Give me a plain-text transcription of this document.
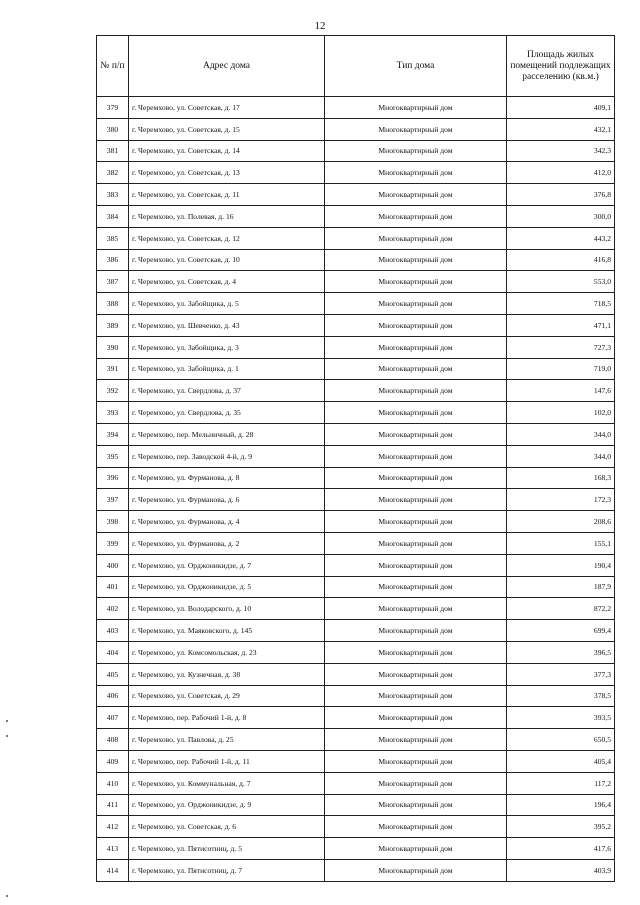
12
№ п/п	Адрес дома	Тип дома	Площадь жилых помещений подлежащих расселению (кв.м.)
379	г. Черемхово, ул. Советская, д. 17	Многоквартирный дом	409,1
380	г. Черемхово, ул. Советская, д. 15	Многоквартирный дом	432,1
381	г. Черемхово, ул. Советская, д. 14	Многоквартирный дом	342,3
382	г. Черемхово, ул. Советская, д. 13	Многоквартирный дом	412,0
383	г. Черемхово, ул. Советская, д. 11	Многоквартирный дом	376,8
384	г. Черемхово, ул. Полевая, д. 16	Многоквартирный дом	300,0
385	г. Черемхово, ул. Советская, д. 12	Многоквартирный дом	443,2
386	г. Черемхово, ул. Советская, д. 10	Многоквартирный дом	416,8
387	г. Черемхово, ул. Советская, д. 4	Многоквартирный дом	553,0
388	г. Черемхово, ул. Забойщика, д. 5	Многоквартирный дом	718,5
389	г. Черемхово, ул. Шевченко, д. 43	Многоквартирный дом	471,1
390	г. Черемхово, ул. Забойщика, д. 3	Многоквартирный дом	727,3
391	г. Черемхово, ул. Забойщика, д. 1	Многоквартирный дом	719,0
392	г. Черемхово, ул. Свердлова, д. 37	Многоквартирный дом	147,6
393	г. Черемхово, ул. Свердлова, д. 35	Многоквартирный дом	102,0
394	г. Черемхово, пер. Мельничный, д. 28	Многоквартирный дом	344,0
395	г. Черемхово, пер. Заводской 4-й, д. 9	Многоквартирный дом	344,0
396	г. Черемхово, ул. Фурманова, д. 8	Многоквартирный дом	168,3
397	г. Черемхово, ул. Фурманова, д. 6	Многоквартирный дом	172,3
398	г. Черемхово, ул. Фурманова, д. 4	Многоквартирный дом	208,6
399	г. Черемхово, ул. Фурманова, д. 2	Многоквартирный дом	155,1
400	г. Черемхово, ул. Орджоникидзе, д. 7	Многоквартирный дом	190,4
401	г. Черемхово, ул. Орджоникидзе, д. 5	Многоквартирный дом	187,9
402	г. Черемхово, ул. Володарского, д. 10	Многоквартирный дом	872,2
403	г. Черемхово, ул. Маяковского, д. 145	Многоквартирный дом	699,4
404	г. Черемхово, ул. Комсомольская, д. 23	Многоквартирный дом	396,5
405	г. Черемхово, ул. Кузнечная, д. 38	Многоквартирный дом	377,3
406	г. Черемхово, ул. Советская, д. 29	Многоквартирный дом	378,5
407	г. Черемхово, пер. Рабочий 1-й, д. 8	Многоквартирный дом	393,5
408	г. Черемхово, ул. Павлова, д. 25	Многоквартирный дом	650,5
409	г. Черемхово, пер. Рабочий 1-й, д. 11	Многоквартирный дом	405,4
410	г. Черемхово, ул. Коммунальная, д. 7	Многоквартирный дом	117,2
411	г. Черемхово, ул. Орджоникидзе, д. 9	Многоквартирный дом	196,4
412	г. Черемхово, ул. Советская, д. 6	Многоквартирный дом	395,2
413	г. Черемхово, ул. Пятисотниц, д. 5	Многоквартирный дом	417,6
414	г. Черемхово, ул. Пятисотниц, д. 7	Многоквартирный дом	403,9
